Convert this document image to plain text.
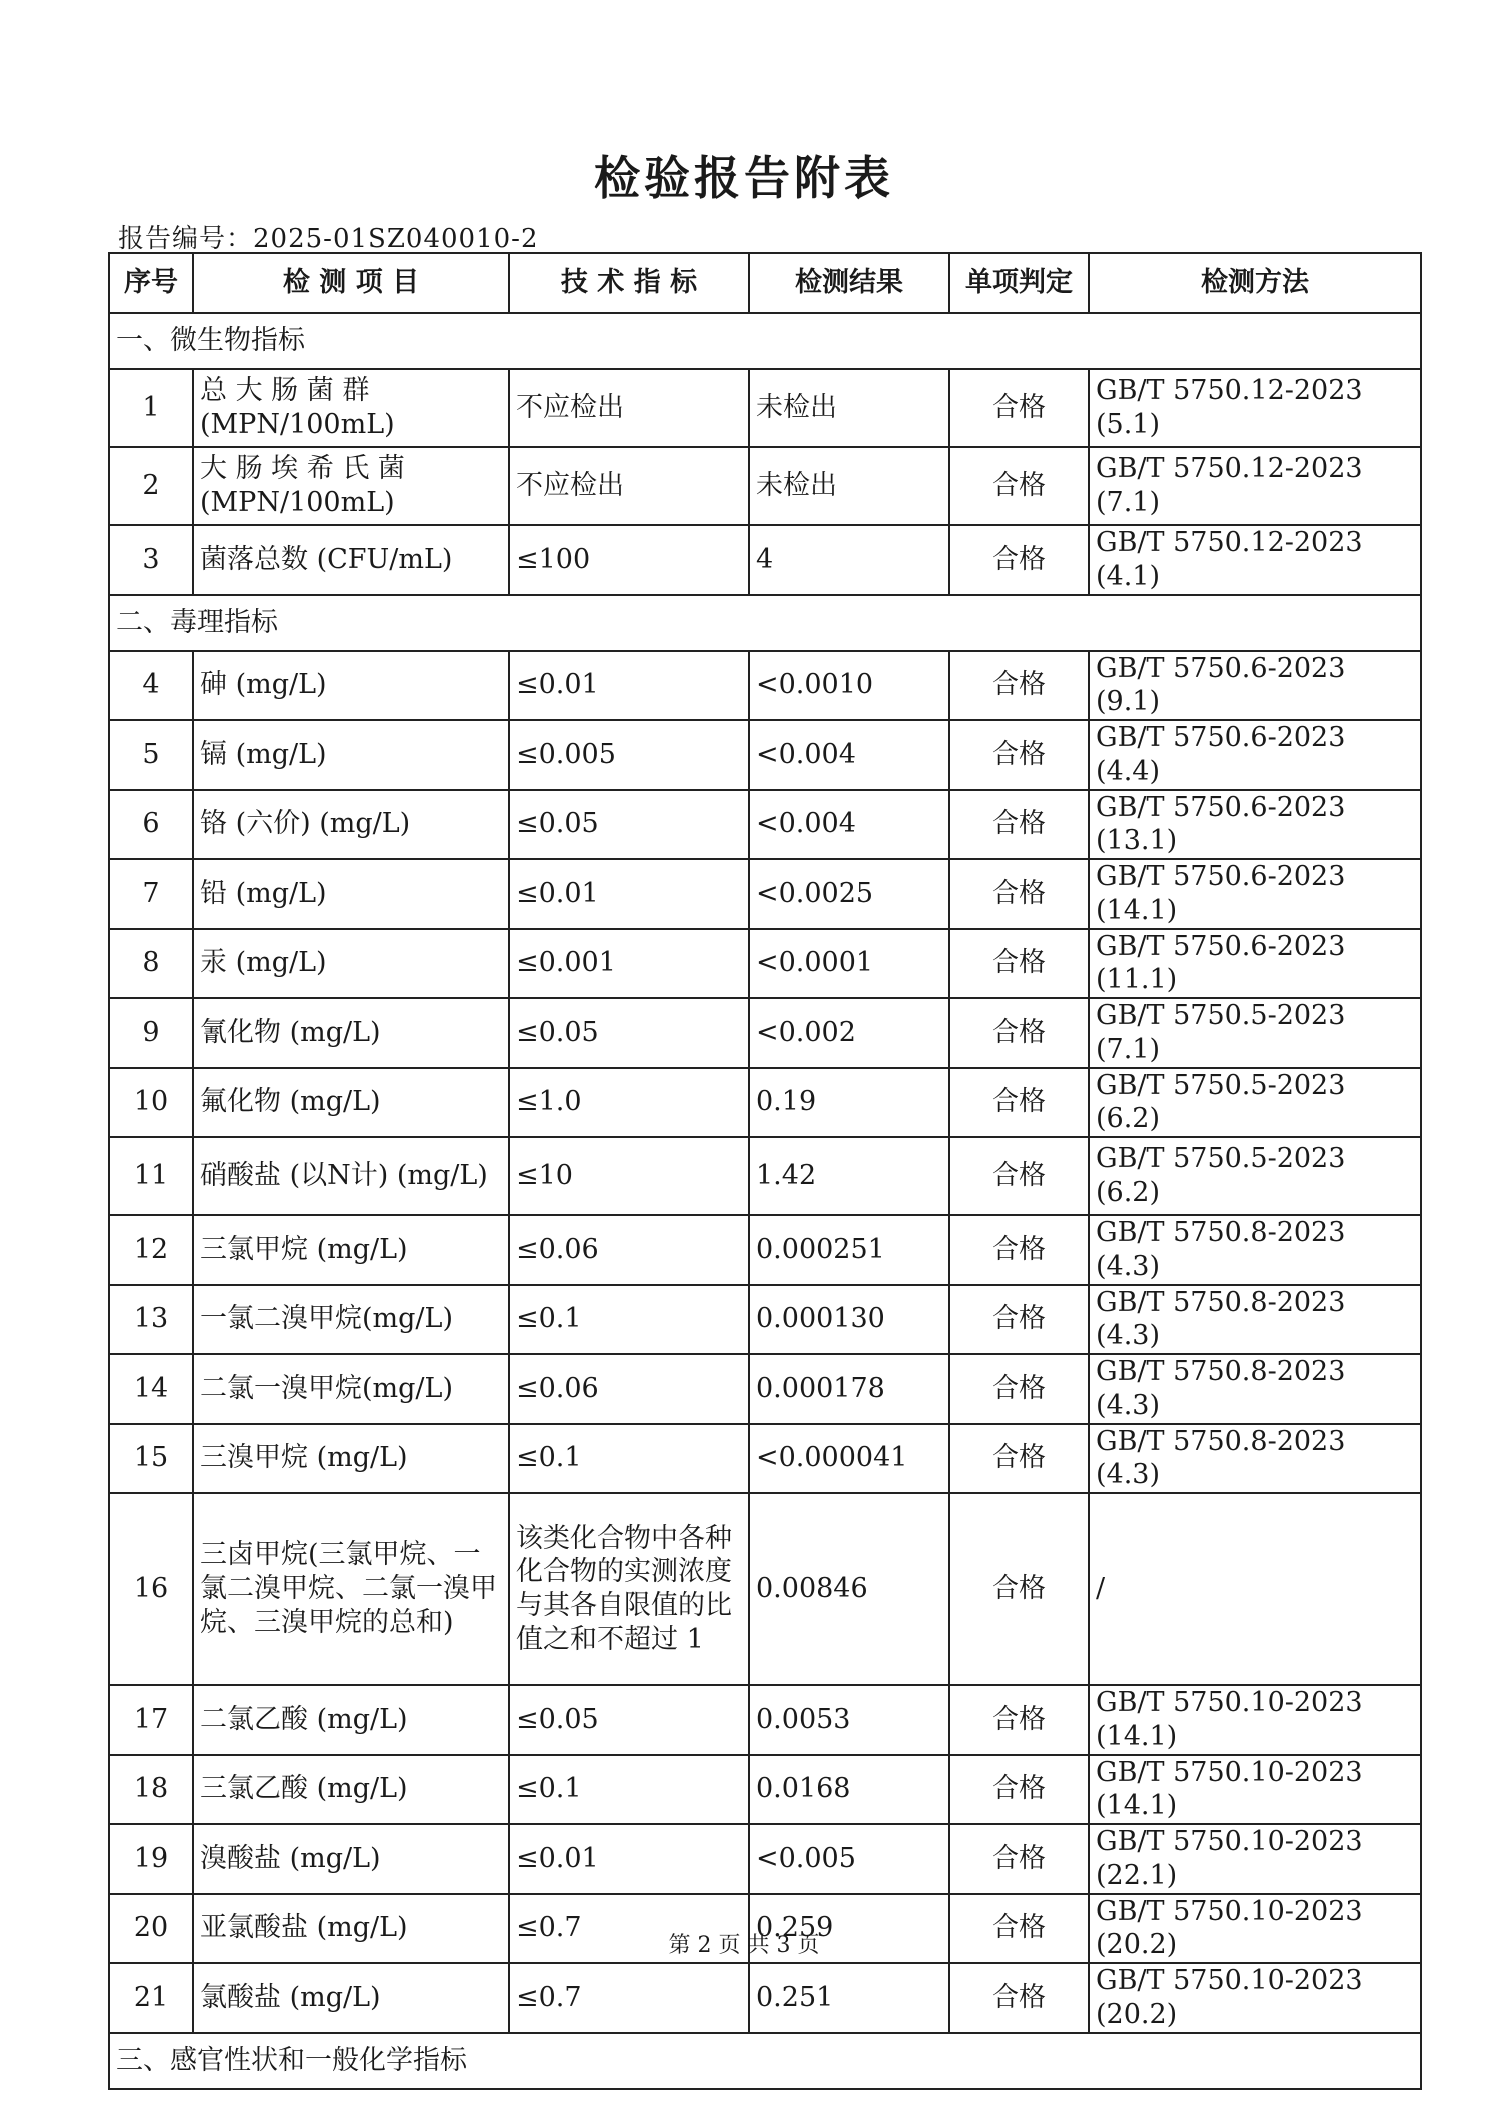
检验报告附表
报告编号：2025-01SZ040010-2
序号	检 测 项 目	技 术 指 标	检测结果	单项判定	检测方法
一、微生物指标					
1	总 大 肠 菌 群 (MPN/100mL)	不应检出	未检出	合格	GB/T 5750.12-2023 (5.1)
2	大 肠 埃 希 氏 菌 (MPN/100mL)	不应检出	未检出	合格	GB/T 5750.12-2023 (7.1)
3	菌落总数 (CFU/mL)	≤100	4	合格	GB/T 5750.12-2023 (4.1)
二、毒理指标					
4	砷 (mg/L)	≤0.01	<0.0010	合格	GB/T 5750.6-2023 (9.1)
5	镉 (mg/L)	≤0.005	<0.004	合格	GB/T 5750.6-2023 (4.4)
6	铬 (六价) (mg/L)	≤0.05	<0.004	合格	GB/T 5750.6-2023 (13.1)
7	铅 (mg/L)	≤0.01	<0.0025	合格	GB/T 5750.6-2023 (14.1)
8	汞 (mg/L)	≤0.001	<0.0001	合格	GB/T 5750.6-2023 (11.1)
9	氰化物 (mg/L)	≤0.05	<0.002	合格	GB/T 5750.5-2023 (7.1)
10	氟化物 (mg/L)	≤1.0	0.19	合格	GB/T 5750.5-2023 (6.2)
11	硝酸盐 (以N计) (mg/L)	≤10	1.42	合格	GB/T 5750.5-2023 (6.2)
12	三氯甲烷 (mg/L)	≤0.06	0.000251	合格	GB/T 5750.8-2023 (4.3)
13	一氯二溴甲烷(mg/L)	≤0.1	0.000130	合格	GB/T 5750.8-2023 (4.3)
14	二氯一溴甲烷(mg/L)	≤0.06	0.000178	合格	GB/T 5750.8-2023 (4.3)
15	三溴甲烷 (mg/L)	≤0.1	<0.000041	合格	GB/T 5750.8-2023 (4.3)
16	三卤甲烷(三氯甲烷、一氯二溴甲烷、二氯一溴甲烷、三溴甲烷的总和)	该类化合物中各种化合物的实测浓度与其各自限值的比值之和不超过 1	0.00846	合格	/
17	二氯乙酸 (mg/L)	≤0.05	0.0053	合格	GB/T 5750.10-2023 (14.1)
18	三氯乙酸 (mg/L)	≤0.1	0.0168	合格	GB/T 5750.10-2023 (14.1)
19	溴酸盐 (mg/L)	≤0.01	<0.005	合格	GB/T 5750.10-2023 (22.1)
20	亚氯酸盐 (mg/L)	≤0.7	0.259	合格	GB/T 5750.10-2023 (20.2)
21	氯酸盐 (mg/L)	≤0.7	0.251	合格	GB/T 5750.10-2023 (20.2)
三、感官性状和一般化学指标					
第 2 页 共 3 页
